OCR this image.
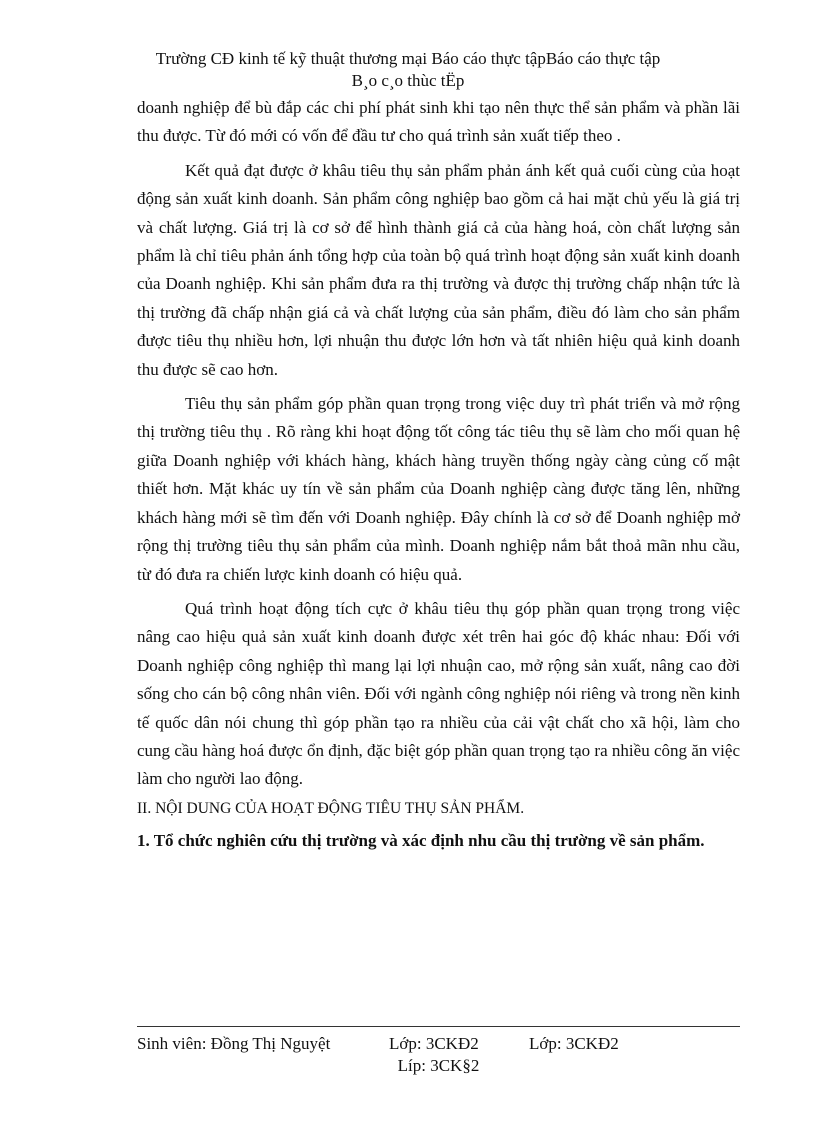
Trường CĐ kinh tế kỹ thuật thương mại Báo cáo thực tậpBáo cáo thực tập
B¸o c¸o thùc tËp

doanh nghiệp để bù đắp các chi phí phát sinh khi tạo nên thực thể sản phẩm và phần lãi thu được. Từ đó mới có vốn để đầu tư cho quá trình sản xuất tiếp theo .

Kết quả đạt được ở khâu tiêu thụ sản phẩm phản ánh kết quả cuối cùng của hoạt động sản xuất kinh doanh. Sản phẩm công nghiệp bao gồm cả hai mặt chủ yếu là giá trị và chất lượng. Giá trị là cơ sở để hình thành giá cả của hàng hoá, còn chất lượng sản phẩm là chỉ tiêu phản ánh tổng hợp của toàn bộ quá trình hoạt động sản xuất kinh doanh của Doanh nghiệp. Khi sản phẩm đưa ra thị trường và được thị trường chấp nhận tức là thị trường đã chấp nhận giá cả và chất lượng của sản phẩm, điều đó làm cho sản phẩm được tiêu thụ nhiều hơn, lợi nhuận thu được lớn hơn và tất nhiên hiệu quả kinh doanh thu được sẽ cao hơn.

Tiêu thụ sản phẩm góp phần quan trọng trong việc duy trì phát triển và mở rộng thị trường tiêu thụ . Rõ ràng khi hoạt động tốt công tác tiêu thụ sẽ làm cho mối quan hệ giữa Doanh nghiệp với khách hàng, khách hàng truyền thống ngày càng củng cố mật thiết hơn. Mặt khác uy tín về sản phẩm của Doanh nghiệp càng được tăng lên, những khách hàng mới sẽ tìm đến với Doanh nghiệp. Đây chính là cơ sở để Doanh nghiệp mở rộng thị trường tiêu thụ sản phẩm của mình. Doanh nghiệp nắm bắt thoả mãn nhu cầu, từ đó đưa ra chiến lược kinh doanh có hiệu quả.

Quá trình hoạt động tích cực ở khâu tiêu thụ góp phần quan trọng trong việc nâng cao hiệu quả sản xuất kinh doanh được xét trên hai góc độ khác nhau: Đối với Doanh nghiệp công nghiệp thì mang lại lợi nhuận cao, mở rộng sản xuất, nâng cao đời sống cho cán bộ công nhân viên. Đối với ngành công nghiệp nói riêng và trong nền kinh tế quốc dân nói chung thì góp phần tạo ra nhiều của cải vật chất cho xã hội, làm cho cung cầu hàng hoá được ổn định, đặc biệt góp phần quan trọng tạo ra nhiều công ăn việc làm cho người lao động.

II. NỘI DUNG CỦA HOẠT ĐỘNG TIÊU THỤ SẢN PHẨM.

1. Tổ chức nghiên cứu thị trường và xác định nhu cầu thị trường về sản phẩm.

Sinh viên: Đồng Thị Nguyệt	Lớp: 3CKĐ2	Lớp: 3CKĐ2
Líp: 3CK§2
